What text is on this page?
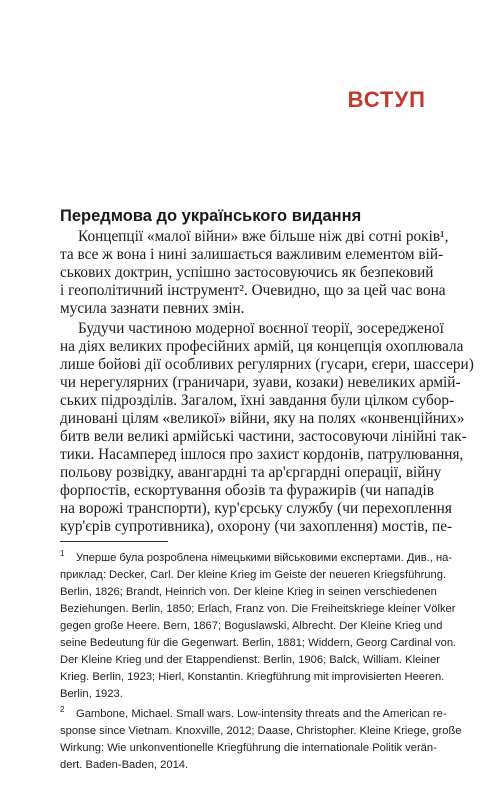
ВСТУП
Передмова до українського видання
Концепції «малої війни» вже більше ніж дві сотні років¹,
та все ж вона і нині залишається важливим елементом вій-
ськових доктрин, успішно застосовуючись як безпековий
і геополітичний інструмент². Очевидно, що за цей час вона
мусила зазнати певних змін.
Будучи частиною модерної воєнної теорії, зосередженої
на діях великих професійних армій, ця концепція охоплювала
лише бойові дії особливих регулярних (гусари, єґери, шассери)
чи нерегулярних (граничари, зуави, козаки) невеликих армій-
ських підрозділів. Загалом, їхні завдання були цілком субор-
диновані цілям «великої» війни, яку на полях «конвенційних»
битв вели великі армійські частини, застосовуючи лінійні так-
тики. Насамперед ішлося про захист кордонів, патрулювання,
польову розвідку, авангардні та ар'єргардні операції, війну
форпостів, ескортування обозів та фуражирів (чи нападів
на ворожі транспорти), кур'єрську службу (чи перехоплення
кур'єрів супротивника), охорону (чи захоплення) мостів, пе-
1 Уперше була розроблена німецькими військовими експертами. Див., на-
приклад: Decker, Carl. Der kleine Krieg im Geiste der neueren Kriegsführung.
Berlin, 1826; Brandt, Heinrich von. Der kleine Krieg in seinen verschiedenen
Beziehungen. Berlin, 1850; Erlach, Franz von. Die Freiheitskriege kleiner Völker
gegen große Heere. Bern, 1867; Boguslawski, Albrecht. Der Kleine Krieg und
seine Bedeutung für die Gegenwart. Berlin, 1881; Widdern, Georg Cardinal von.
Der Kleine Krieg und der Etappendienst. Berlin, 1906; Balck, William. Kleiner
Krieg. Berlin, 1923; Hierl, Konstantin. Kriegführung mit improvisierten Heeren.
Berlin, 1923.
2 Gambone, Michael. Small wars. Low-intensity threats and the American re-
sponse since Vietnam. Knoxville, 2012; Daase, Christopher. Kleine Kriege, große
Wirkung: Wie unkonventionelle Kriegführung die internationale Politik verän-
dert. Baden-Baden, 2014.
